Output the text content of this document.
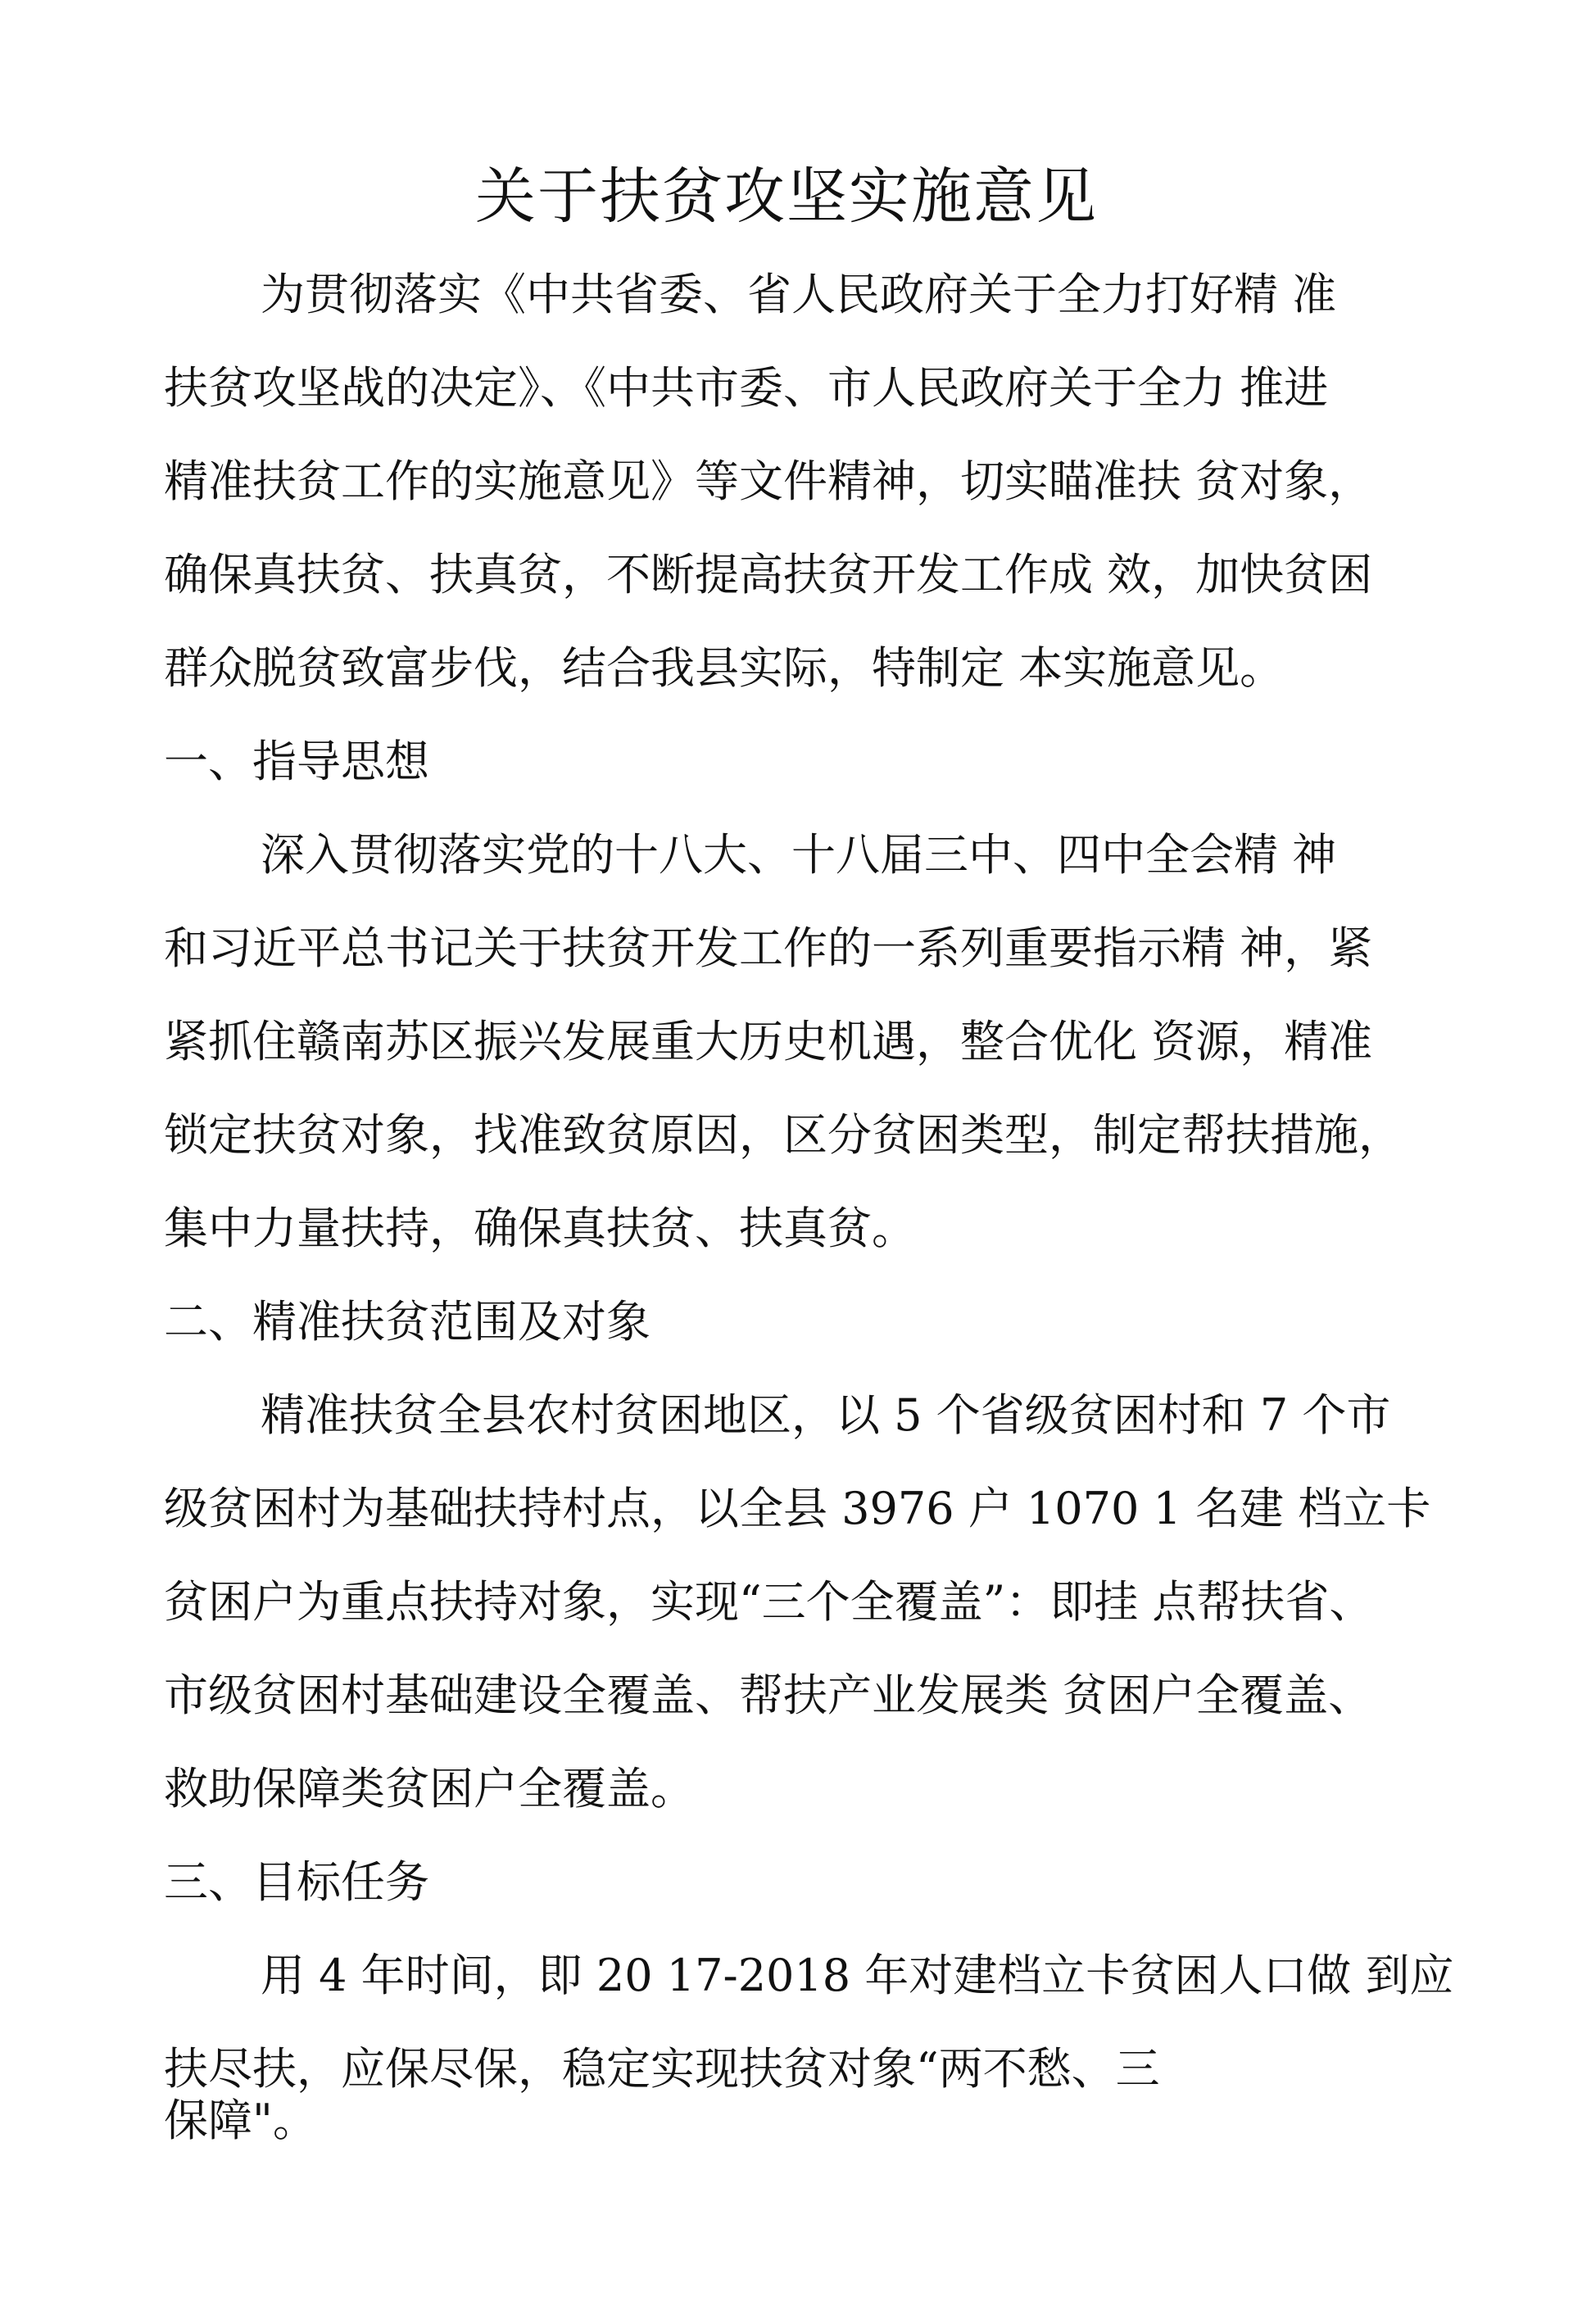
关于扶贫攻坚实施意见
为贯彻落实《中共省委、省人民政府关于全力打好精 准
扶贫攻坚战的决定》、《中共市委、市人民政府关于全力 推进
精准扶贫工作的实施意见》等文件精神，切实瞄准扶 贫对象，
确保真扶贫、扶真贫，不断提高扶贫开发工作成 效，加快贫困
群众脱贫致富步伐，结合我县实际，特制定 本实施意见。
一、指导思想
深入贯彻落实党的十八大、十八届三中、四中全会精 神
和习近平总书记关于扶贫开发工作的一系列重要指示精 神，紧
紧抓住赣南苏区振兴发展重大历史机遇，整合优化 资源，精准
锁定扶贫对象，找准致贫原因，区分贫困类型，制定帮扶措施，
集中力量扶持，确保真扶贫、扶真贫。
二、精准扶贫范围及对象
精准扶贫全县农村贫困地区，以 5 个省级贫困村和 7 个市
级贫困村为基础扶持村点，以全县 3976 户 1070 1 名建 档立卡
贫困户为重点扶持对象，实现“三个全覆盖”：即挂 点帮扶省、
市级贫困村基础建设全覆盖、帮扶产业发展类 贫困户全覆盖、
救助保障类贫困户全覆盖。
三、目标任务
用 4 年时间，即 20 17-2018 年对建档立卡贫困人口做 到应
扶尽扶，应保尽保，稳定实现扶贫对象“两不愁、三
保障"。
